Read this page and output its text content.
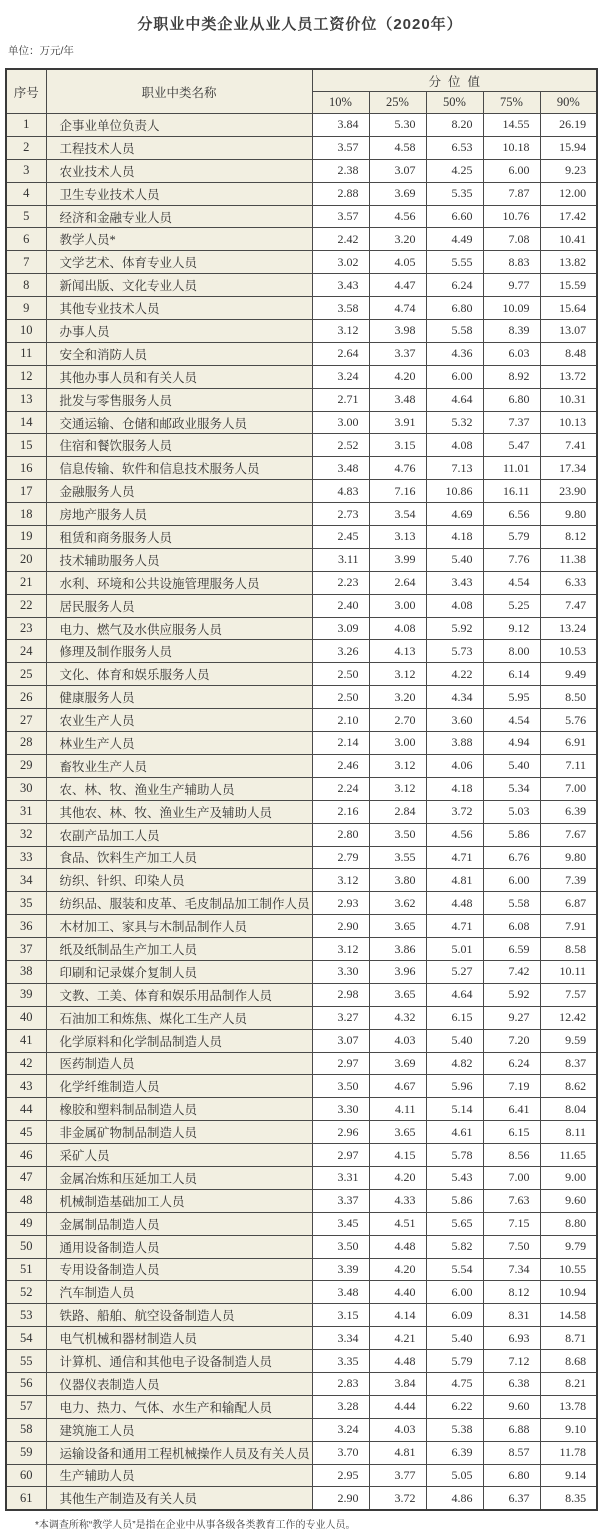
分职业中类企业从业人员工资价位（2020年）
单位：万元/年
序号	职业中类名称	分位值				
		10%	25%	50%	75%	90%
1	企事业单位负责人	3.84	5.30	8.20	14.55	26.19
2	工程技术人员	3.57	4.58	6.53	10.18	15.94
3	农业技术人员	2.38	3.07	4.25	6.00	9.23
4	卫生专业技术人员	2.88	3.69	5.35	7.87	12.00
5	经济和金融专业人员	3.57	4.56	6.60	10.76	17.42
6	教学人员*	2.42	3.20	4.49	7.08	10.41
7	文学艺术、体育专业人员	3.02	4.05	5.55	8.83	13.82
8	新闻出版、文化专业人员	3.43	4.47	6.24	9.77	15.59
9	其他专业技术人员	3.58	4.74	6.80	10.09	15.64
10	办事人员	3.12	3.98	5.58	8.39	13.07
11	安全和消防人员	2.64	3.37	4.36	6.03	8.48
12	其他办事人员和有关人员	3.24	4.20	6.00	8.92	13.72
13	批发与零售服务人员	2.71	3.48	4.64	6.80	10.31
14	交通运输、仓储和邮政业服务人员	3.00	3.91	5.32	7.37	10.13
15	住宿和餐饮服务人员	2.52	3.15	4.08	5.47	7.41
16	信息传输、软件和信息技术服务人员	3.48	4.76	7.13	11.01	17.34
17	金融服务人员	4.83	7.16	10.86	16.11	23.90
18	房地产服务人员	2.73	3.54	4.69	6.56	9.80
19	租赁和商务服务人员	2.45	3.13	4.18	5.79	8.12
20	技术辅助服务人员	3.11	3.99	5.40	7.76	11.38
21	水利、环境和公共设施管理服务人员	2.23	2.64	3.43	4.54	6.33
22	居民服务人员	2.40	3.00	4.08	5.25	7.47
23	电力、燃气及水供应服务人员	3.09	4.08	5.92	9.12	13.24
24	修理及制作服务人员	3.26	4.13	5.73	8.00	10.53
25	文化、体育和娱乐服务人员	2.50	3.12	4.22	6.14	9.49
26	健康服务人员	2.50	3.20	4.34	5.95	8.50
27	农业生产人员	2.10	2.70	3.60	4.54	5.76
28	林业生产人员	2.14	3.00	3.88	4.94	6.91
29	畜牧业生产人员	2.46	3.12	4.06	5.40	7.11
30	农、林、牧、渔业生产辅助人员	2.24	3.12	4.18	5.34	7.00
31	其他农、林、牧、渔业生产及辅助人员	2.16	2.84	3.72	5.03	6.39
32	农副产品加工人员	2.80	3.50	4.56	5.86	7.67
33	食品、饮料生产加工人员	2.79	3.55	4.71	6.76	9.80
34	纺织、针织、印染人员	3.12	3.80	4.81	6.00	7.39
35	纺织品、服装和皮革、毛皮制品加工制作人员	2.93	3.62	4.48	5.58	6.87
36	木材加工、家具与木制品制作人员	2.90	3.65	4.71	6.08	7.91
37	纸及纸制品生产加工人员	3.12	3.86	5.01	6.59	8.58
38	印刷和记录媒介复制人员	3.30	3.96	5.27	7.42	10.11
39	文教、工美、体育和娱乐用品制作人员	2.98	3.65	4.64	5.92	7.57
40	石油加工和炼焦、煤化工生产人员	3.27	4.32	6.15	9.27	12.42
41	化学原料和化学制品制造人员	3.07	4.03	5.40	7.20	9.59
42	医药制造人员	2.97	3.69	4.82	6.24	8.37
43	化学纤维制造人员	3.50	4.67	5.96	7.19	8.62
44	橡胶和塑料制品制造人员	3.30	4.11	5.14	6.41	8.04
45	非金属矿物制品制造人员	2.96	3.65	4.61	6.15	8.11
46	采矿人员	2.97	4.15	5.78	8.56	11.65
47	金属冶炼和压延加工人员	3.31	4.20	5.43	7.00	9.00
48	机械制造基础加工人员	3.37	4.33	5.86	7.63	9.60
49	金属制品制造人员	3.45	4.51	5.65	7.15	8.80
50	通用设备制造人员	3.50	4.48	5.82	7.50	9.79
51	专用设备制造人员	3.39	4.20	5.54	7.34	10.55
52	汽车制造人员	3.48	4.40	6.00	8.12	10.94
53	铁路、船舶、航空设备制造人员	3.15	4.14	6.09	8.31	14.58
54	电气机械和器材制造人员	3.34	4.21	5.40	6.93	8.71
55	计算机、通信和其他电子设备制造人员	3.35	4.48	5.79	7.12	8.68
56	仪器仪表制造人员	2.83	3.84	4.75	6.38	8.21
57	电力、热力、气体、水生产和输配人员	3.28	4.44	6.22	9.60	13.78
58	建筑施工人员	3.24	4.03	5.38	6.88	9.10
59	运输设备和通用工程机械操作人员及有关人员	3.70	4.81	6.39	8.57	11.78
60	生产辅助人员	2.95	3.77	5.05	6.80	9.14
61	其他生产制造及有关人员	2.90	3.72	4.86	6.37	8.35
*本调查所称“教学人员”是指在企业中从事各级各类教育工作的专业人员。
